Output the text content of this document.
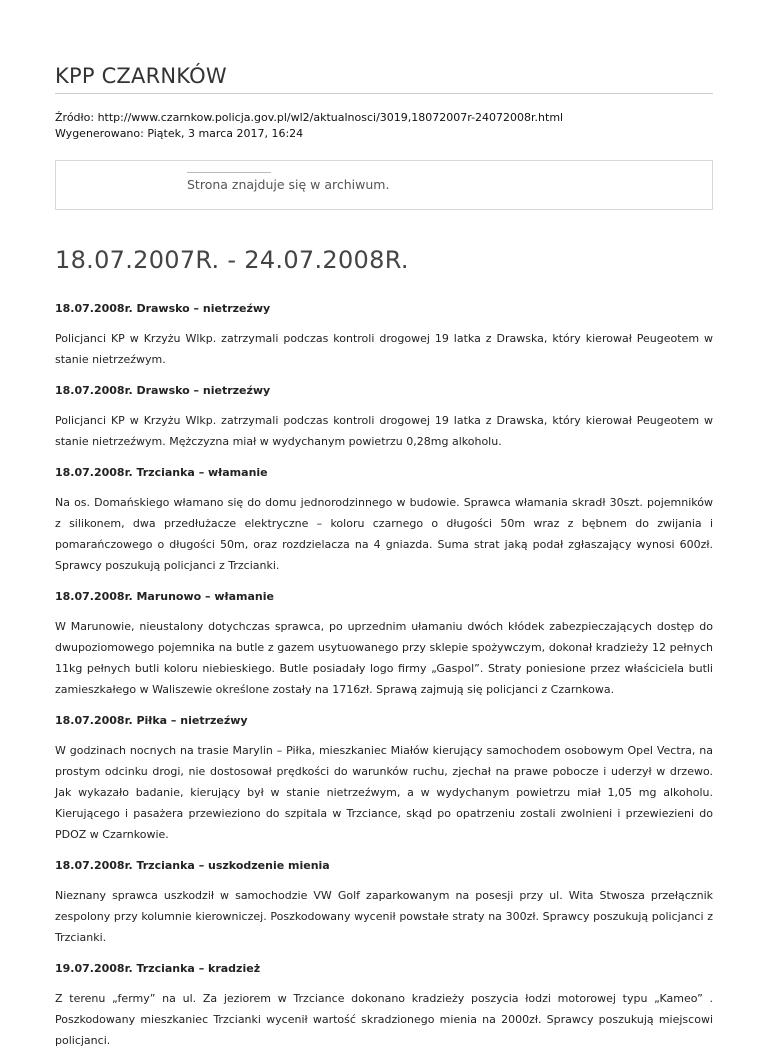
KPP CZARNKÓW
Źródło: http://www.czarnkow.policja.gov.pl/wl2/aktualnosci/3019,18072007r-24072008r.html
Wygenerowano: Piątek, 3 marca 2017, 16:24
Strona znajduje się w archiwum.
18.07.2007R. - 24.07.2008R.

18.07.2008r. Drawsko – nietrzeźwy

Policjanci KP w Krzyżu Wlkp. zatrzymali podczas kontroli drogowej 19 latka z Drawska, który kierował Peugeotem w stanie nietrzeźwym.

18.07.2008r. Drawsko – nietrzeźwy

Policjanci KP w Krzyżu Wlkp. zatrzymali podczas kontroli drogowej 19 latka z Drawska, który kierował Peugeotem w stanie nietrzeźwym. Mężczyzna miał w wydychanym powietrzu 0,28mg alkoholu.

18.07.2008r. Trzcianka – włamanie

Na os. Domańskiego włamano się do domu jednorodzinnego w budowie. Sprawca włamania skradł 30szt. pojemników z silikonem, dwa przedłużacze elektryczne – koloru czarnego o długości 50m wraz z bębnem do zwijania i pomarańczowego o długości 50m, oraz rozdzielacza na 4 gniazda. Suma strat jaką podał zgłaszający wynosi 600zł. Sprawcy poszukują policjanci z Trzcianki.

18.07.2008r. Marunowo – włamanie

W Marunowie, nieustalony dotychczas sprawca, po uprzednim ułamaniu dwóch kłódek zabezpieczających dostęp do dwupoziomowego pojemnika na butle z gazem usytuowanego przy sklepie spożywczym, dokonał kradzieży 12 pełnych 11kg pełnych butli koloru niebieskiego. Butle posiadały logo firmy „Gaspol”. Straty poniesione przez właściciela butli zamieszkałego w Waliszewie określone zostały na 1716zł. Sprawą zajmują się policjanci z Czarnkowa.

18.07.2008r. Piłka – nietrzeźwy

W godzinach nocnych na trasie Marylin – Piłka, mieszkaniec Miałów kierujący samochodem osobowym Opel Vectra, na prostym odcinku drogi, nie dostosował prędkości do warunków ruchu, zjechał na prawe pobocze i uderzył w drzewo. Jak wykazało badanie, kierujący był w stanie nietrzeźwym, a w wydychanym powietrzu miał 1,05 mg alkoholu. Kierującego i pasażera przewieziono do szpitala w Trzciance, skąd po opatrzeniu zostali zwolnieni i przewiezieni do PDOZ w Czarnkowie.

18.07.2008r. Trzcianka – uszkodzenie mienia

Nieznany sprawca uszkodził w samochodzie VW Golf zaparkowanym na posesji przy ul. Wita Stwosza przełącznik zespolony przy kolumnie kierowniczej. Poszkodowany wycenił powstałe straty na 300zł. Sprawcy poszukują policjanci z Trzcianki.

19.07.2008r. Trzcianka – kradzież

Z terenu „fermy” na ul. Za jeziorem w Trzciance dokonano kradzieży poszycia łodzi motorowej typu „Kameo” . Poszkodowany mieszkaniec Trzcianki wycenił wartość skradzionego mienia na 2000zł. Sprawcy poszukują miejscowi policjanci.
